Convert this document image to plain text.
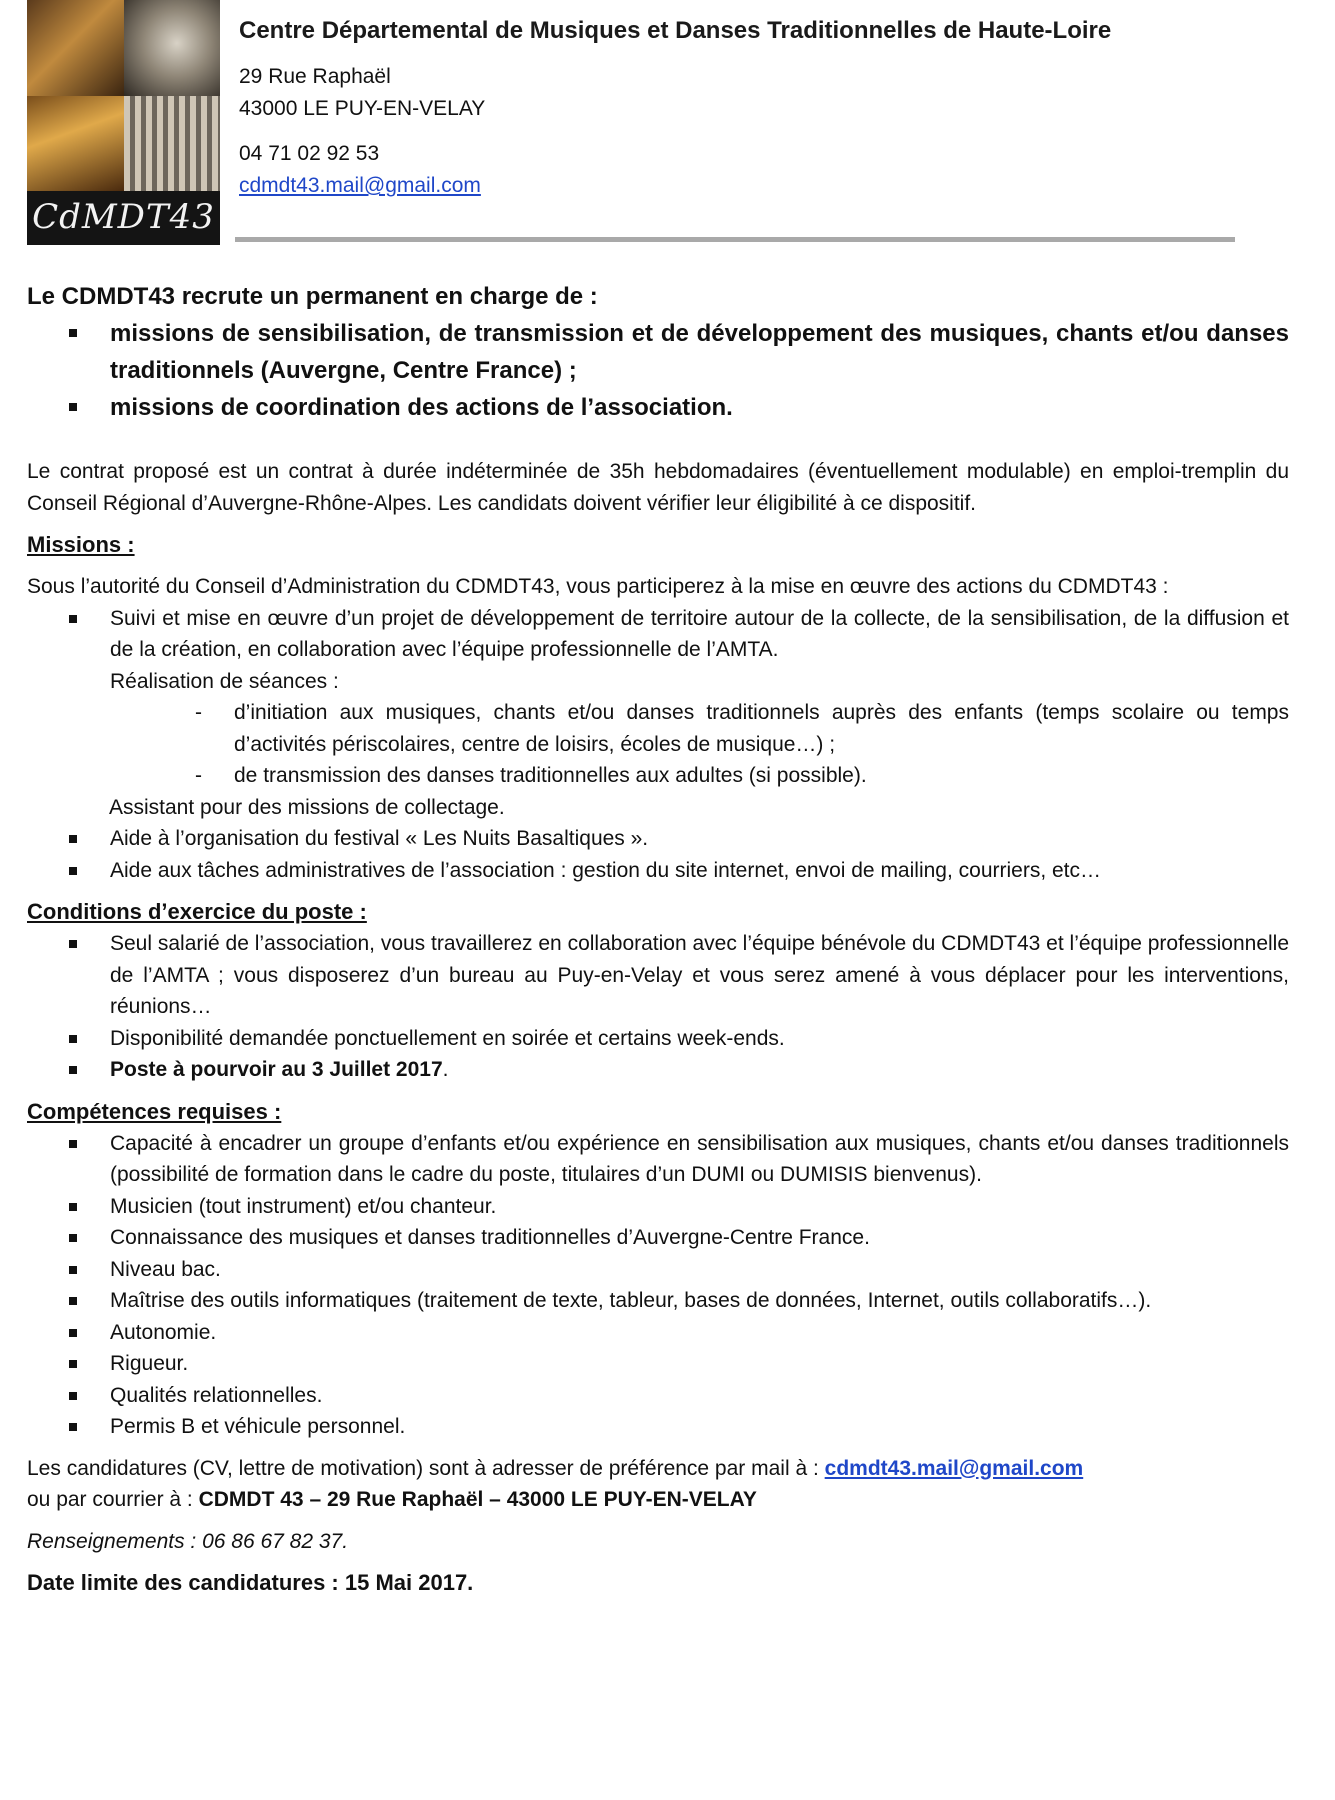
CdMDT43
Centre Départemental de Musiques et Danses Traditionnelles de Haute-Loire

29 Rue Raphaël

43000 LE PUY-EN-VELAY

04 71 02 92 53

cdmdt43.mail@gmail.com

Le CDMDT43 recrute un permanent en charge de :
missions de sensibilisation, de transmission et de développement des musiques, chants et/ou danses traditionnels (Auvergne, Centre France) ;
missions de coordination des actions de l’association.

Le contrat proposé est un contrat à durée indéterminée de 35h hebdomadaires (éventuellement modulable) en emploi-tremplin du Conseil Régional d’Auvergne-Rhône-Alpes. Les candidats doivent vérifier leur éligibilité à ce dispositif.

Missions :

Sous l’autorité du Conseil d’Administration du CDMDT43, vous participerez à la mise en œuvre des actions du CDMDT43 :

Suivi et mise en œuvre d’un projet de développement de territoire autour de la collecte, de la sensibilisation, de la diffusion et de la création, en collaboration avec l’équipe professionnelle de l’AMTA.
Réalisation de séances :
- d’initiation aux musiques, chants et/ou danses traditionnels auprès des enfants (temps scolaire ou temps d’activités périscolaires, centre de loisirs, écoles de musique…) ;
- de transmission des danses traditionnelles aux adultes (si possible).
Assistant pour des missions de collectage.
Aide à l’organisation du festival « Les Nuits Basaltiques ».
Aide aux tâches administratives de l’association : gestion du site internet, envoi de mailing, courriers, etc…
Conditions d’exercice du poste :
Seul salarié de l’association, vous travaillerez en collaboration avec l’équipe bénévole du CDMDT43 et l’équipe professionnelle de l’AMTA ; vous disposerez d’un bureau au Puy-en-Velay et vous serez amené à vous déplacer pour les interventions, réunions…
Disponibilité demandée ponctuellement en soirée et certains week-ends.
Poste à pourvoir au 3 Juillet 2017.
Compétences requises :
Capacité à encadrer un groupe d’enfants et/ou expérience en sensibilisation aux musiques, chants et/ou danses traditionnels (possibilité de formation dans le cadre du poste, titulaires d’un DUMI ou DUMISIS bienvenus).
Musicien (tout instrument) et/ou chanteur.
Connaissance des musiques et danses traditionnelles d’Auvergne-Centre France.
Niveau bac.
Maîtrise des outils informatiques (traitement de texte, tableur, bases de données, Internet, outils collaboratifs…).
Autonomie.
Rigueur.
Qualités relationnelles.
Permis B et véhicule personnel.

Les candidatures (CV, lettre de motivation) sont à adresser de préférence par mail à : cdmdt43.mail@gmail.com

ou par courrier à : CDMDT 43 – 29 Rue Raphaël – 43000 LE PUY-EN-VELAY

Renseignements : 06 86 67 82 37.

Date limite des candidatures : 15 Mai 2017.
